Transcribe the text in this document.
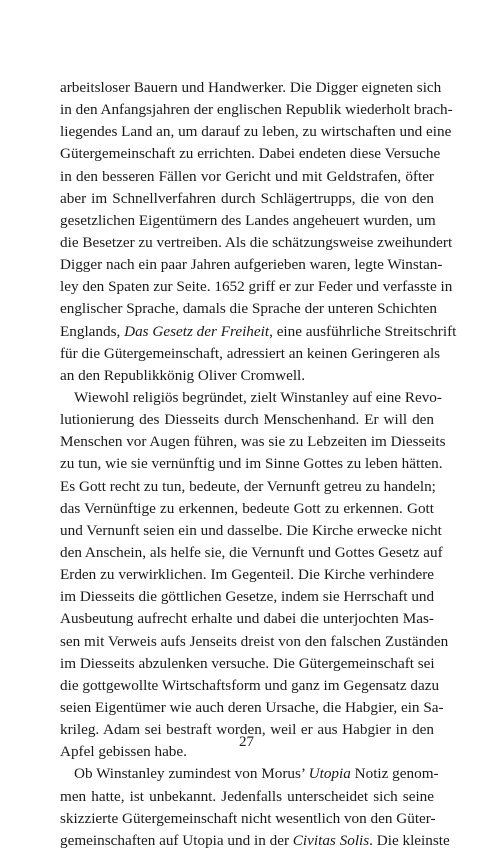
arbeitsloser Bauern und Handwerker. Die Digger eigneten sich
in den Anfangsjahren der englischen Republik wiederholt brach-
liegendes Land an, um darauf zu leben, zu wirtschaften und eine
Gütergemeinschaft zu errichten. Dabei endeten diese Versuche
in den besseren Fällen vor Gericht und mit Geldstrafen, öfter
aber im Schnellverfahren durch Schlägertrupps, die von den
gesetzlichen Eigentümern des Landes angeheuert wurden, um
die Besetzer zu vertreiben. Als die schätzungsweise zweihundert
Digger nach ein paar Jahren aufgerieben waren, legte Winstan-
ley den Spaten zur Seite. 1652 griff er zur Feder und verfasste in
englischer Sprache, damals die Sprache der unteren Schichten
Englands, Das Gesetz der Freiheit, eine ausführliche Streitschrift
für die Gütergemeinschaft, adressiert an keinen Geringeren als
an den Republikkönig Oliver Cromwell.
Wiewohl religiös begründet, zielt Winstanley auf eine Revo-
lutionierung des Diesseits durch Menschenhand. Er will den
Menschen vor Augen führen, was sie zu Lebzeiten im Diesseits
zu tun, wie sie vernünftig und im Sinne Gottes zu leben hätten.
Es Gott recht zu tun, bedeute, der Vernunft getreu zu handeln;
das Vernünftige zu erkennen, bedeute Gott zu erkennen. Gott
und Vernunft seien ein und dasselbe. Die Kirche erwecke nicht
den Anschein, als helfe sie, die Vernunft und Gottes Gesetz auf
Erden zu verwirklichen. Im Gegenteil. Die Kirche verhindere
im Diesseits die göttlichen Gesetze, indem sie Herrschaft und
Ausbeutung aufrecht erhalte und dabei die unterjochten Mas-
sen mit Verweis aufs Jenseits dreist von den falschen Zuständen
im Diesseits abzulenken versuche. Die Gütergemeinschaft sei
die gottgewollte Wirtschaftsform und ganz im Gegensatz dazu
seien Eigentümer wie auch deren Ursache, die Habgier, ein Sa-
krileg. Adam sei bestraft worden, weil er aus Habgier in den
Apfel gebissen habe.
Ob Winstanley zumindest von Morus’ Utopia Notiz genom-
men hatte, ist unbekannt. Jedenfalls unterscheidet sich seine
skizzierte Gütergemeinschaft nicht wesentlich von den Güter-
gemeinschaften auf Utopia und in der Civitas Solis. Die kleinste
27
